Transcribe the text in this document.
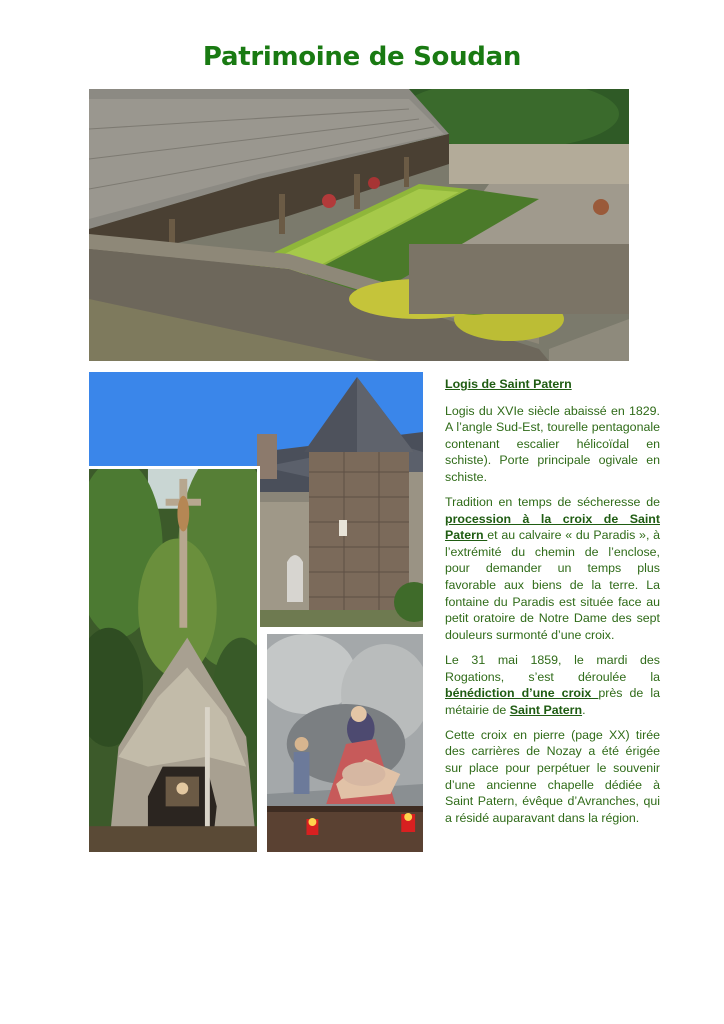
Patrimoine de Soudan

Logis de Saint Patern

Logis du XVIe siècle abaissé en 1829. A l’angle Sud-Est, tourelle pentagonale contenant escalier hélicoïdal en schiste). Porte principale ogivale en schiste.

Tradition en temps de sécheresse de procession à la croix de Saint Patern et au calvaire « du Paradis », à l’extrémité du chemin de l’enclose, pour demander un temps plus favorable aux biens de la terre. La fontaine du Paradis est située face au petit oratoire de Notre Dame des sept douleurs surmonté d’une croix.

Le 31 mai 1859, le mardi des Rogations, s’est déroulée la bénédiction d’une croix près de la métairie de Saint Patern.

Cette croix en pierre (page XX) tirée des carrières de Nozay a été érigée sur place pour perpétuer le souvenir d’une ancienne chapelle dédiée à Saint Patern, évêque d’Avranches, qui a résidé auparavant dans la région.
